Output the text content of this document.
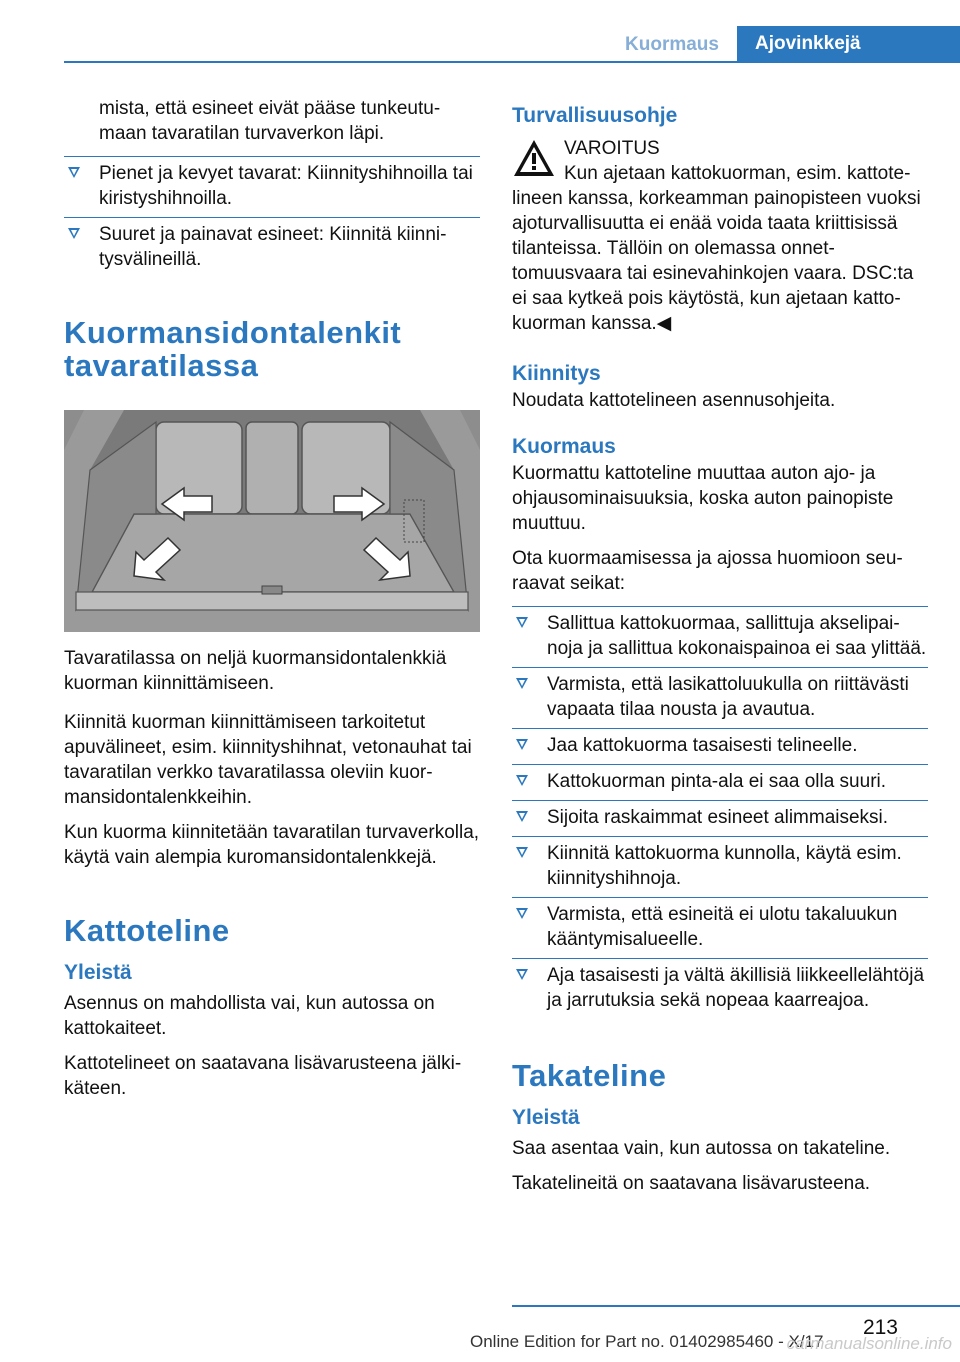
Kuormaus	Ajovinkkejä

mista, että esineet eivät pääse tunkeutumaan tavaratilan turvaverkon läpi.

Pienet ja kevyet tavarat: Kiinnityshihnoilla tai kiristyshihnoilla.
Suuret ja painavat esineet: Kiinnitä kiinnitysvälineillä.
Kuormansidontalenkit tavaratilassa

Tavaratilassa on neljä kuormansidontalenkkiä kuorman kiinnittämiseen.

Kiinnitä kuorman kiinnittämiseen tarkoitetut apuvälineet, esim. kiinnityshihnat, vetonauhat tai tavaratilan verkko tavaratilassa oleviin kuormansidontalenkkeihin.

Kun kuorma kiinnitetään tavaratilan turvaverkolla, käytä vain alempia kuromansidontalenkkejä.

Kattoteline
Yleistä

Asennus on mahdollista vai, kun autossa on kattokaiteet.

Kattotelineet on saatavana lisävarusteena jälkikäteen.

Turvallisuusohje

VAROITUS

Kun ajetaan kattokuorman, esim. kattotelineen kanssa, korkeamman painopisteen vuoksi ajoturvallisuutta ei enää voida taata kriittisissä tilanteissa. Tällöin on olemassa onnettomuusvaara tai esinevahinkojen vaara. DSC:ta ei saa kytkeä pois käytöstä, kun ajetaan kattokuorman kanssa.◀

Kiinnitys

Noudata kattotelineen asennusohjeita.

Kuormaus

Kuormattu kattoteline muuttaa auton ajo- ja ohjausominaisuuksia, koska auton painopiste muuttuu.

Ota kuormaamisessa ja ajossa huomioon seuraavat seikat:

Sallittua kattokuormaa, sallittuja akselipainoja ja sallittua kokonaispainoa ei saa ylittää.
Varmista, että lasikattoluukulla on riittävästi vapaata tilaa nousta ja avautua.
Jaa kattokuorma tasaisesti telineelle.
Kattokuorman pinta-ala ei saa olla suuri.
Sijoita raskaimmat esineet alimmaiseksi.
Kiinnitä kattokuorma kunnolla, käytä esim. kiinnityshihnoja.
Varmista, että esineitä ei ulotu takaluukun kääntymisalueelle.
Aja tasaisesti ja vältä äkillisiä liikkeellelähtöjä ja jarrutuksia sekä nopeaa kaarreajoa.
Takateline
Yleistä

Saa asentaa vain, kun autossa on takateline.

Takatelineitä on saatavana lisävarusteena.

213
Online Edition for Part no. 01402985460 - X/17
carmanualsonline.info
